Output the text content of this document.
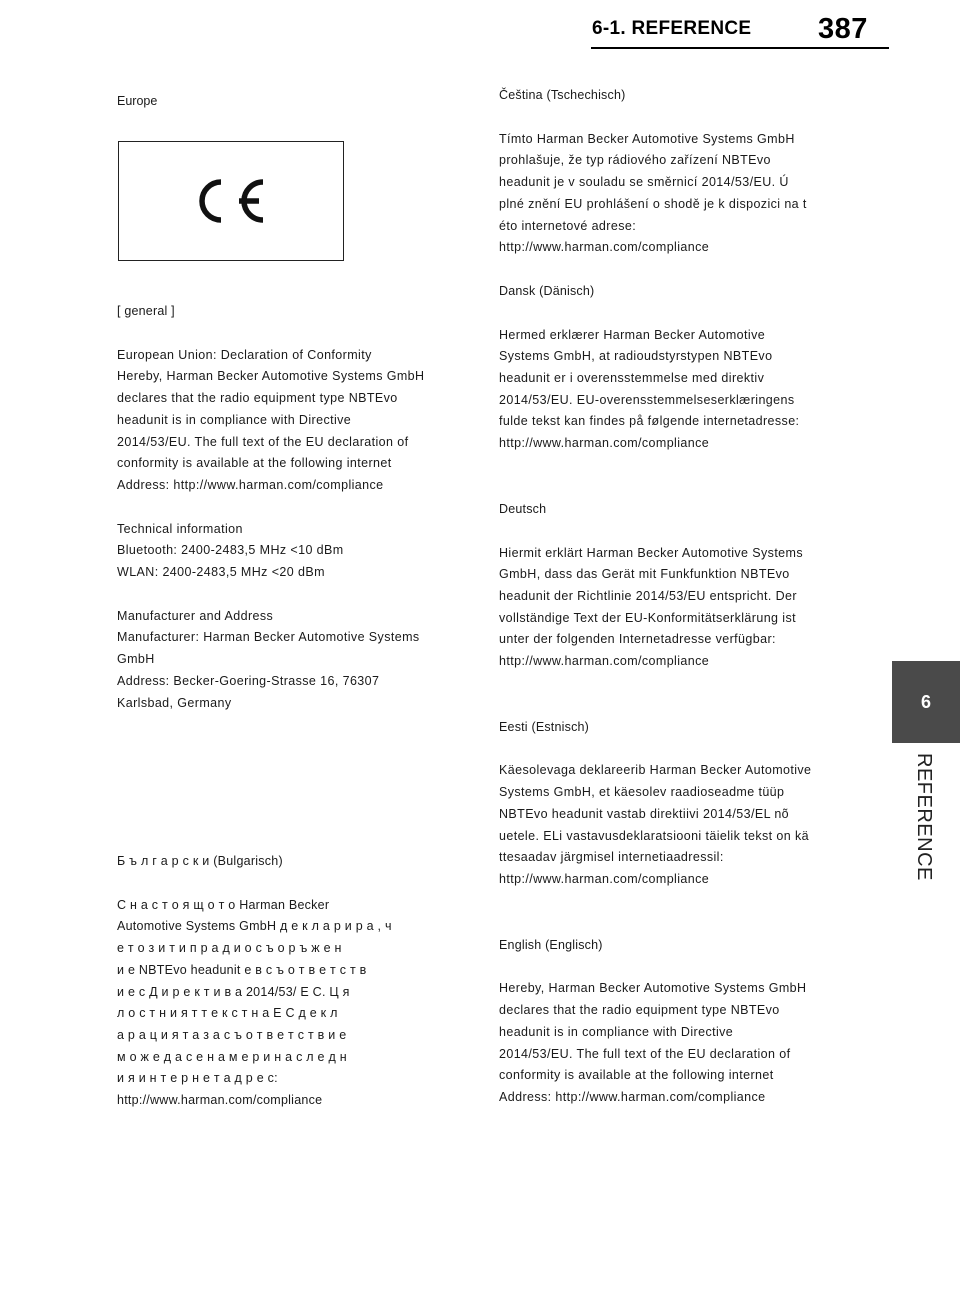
6-1. REFERENCE 387
6
REFERENCE
Europe
[ general ]
European Union: Declaration of Conformity
Hereby, Harman Becker Automotive Systems GmbH
declares that the radio equipment type NBTEvo
headunit is in compliance with Directive
2014/53/EU. The full text of the EU declaration of
conformity is available at the following internet
Address: http://www.harman.com/compliance
Technical information
Bluetooth: 2400-2483,5 MHz <10 dBm
WLAN: 2400-2483,5 MHz <20 dBm
Manufacturer and Address
Manufacturer: Harman Becker Automotive Systems
GmbH
Address: Becker-Goering-Strasse 16, 76307
Karlsbad, Germany
Б ъ л г а р с к и (Bulgarisch)
С н а с т о я щ о т о Harman Becker
Automotive Systems GmbH д е к л а р и р а , ч
е т о з и т и п р а д и о с ъ о р ъ ж е н
и е NBTEvo headunit е в с ъ о т в е т с т в
и е с Д и р е к т и в а 2014/53/ Е С. Ц я
л о с т н и я т т е к с т н а Е С д е к л
а р а ц и я т а з а с ъ о т в е т с т в и е
м о ж е д а с е н а м е р и н а с л е д н
и я и н т е р н е т а д р е с:
http://www.harman.com/compliance
Čeština (Tschechisch)
Tímto Harman Becker Automotive Systems GmbH
prohlašuje, že typ rádiového zařízení NBTEvo
headunit je v souladu se směrnicí 2014/53/EU. Ú
plné znění EU prohlášení o shodě je k dispozici na t
éto internetové adrese:
http://www.harman.com/compliance
Dansk (Dänisch)
Hermed erklærer Harman Becker Automotive
Systems GmbH, at radioudstyrstypen NBTEvo
headunit er i overensstemmelse med direktiv
2014/53/EU. EU-overensstemmelseserklæringens
fulde tekst kan findes på følgende internetadresse:
http://www.harman.com/compliance
Deutsch
Hiermit erklärt Harman Becker Automotive Systems
GmbH, dass das Gerät mit Funkfunktion NBTEvo
headunit der Richtlinie 2014/53/EU entspricht. Der
vollständige Text der EU-Konformitätserklärung ist
unter der folgenden Internetadresse verfügbar:
http://www.harman.com/compliance
Eesti (Estnisch)
Käesolevaga deklareerib Harman Becker Automotive
Systems GmbH, et käesolev raadioseadme tüüp
NBTEvo headunit vastab direktiivi 2014/53/EL nõ
uetele. ELi vastavusdeklaratsiooni täielik tekst on kä
ttesaadav järgmisel internetiaadressil:
http://www.harman.com/compliance
English (Englisch)
Hereby, Harman Becker Automotive Systems GmbH
declares that the radio equipment type NBTEvo
headunit is in compliance with Directive
2014/53/EU. The full text of the EU declaration of
conformity is available at the following internet
Address: http://www.harman.com/compliance
